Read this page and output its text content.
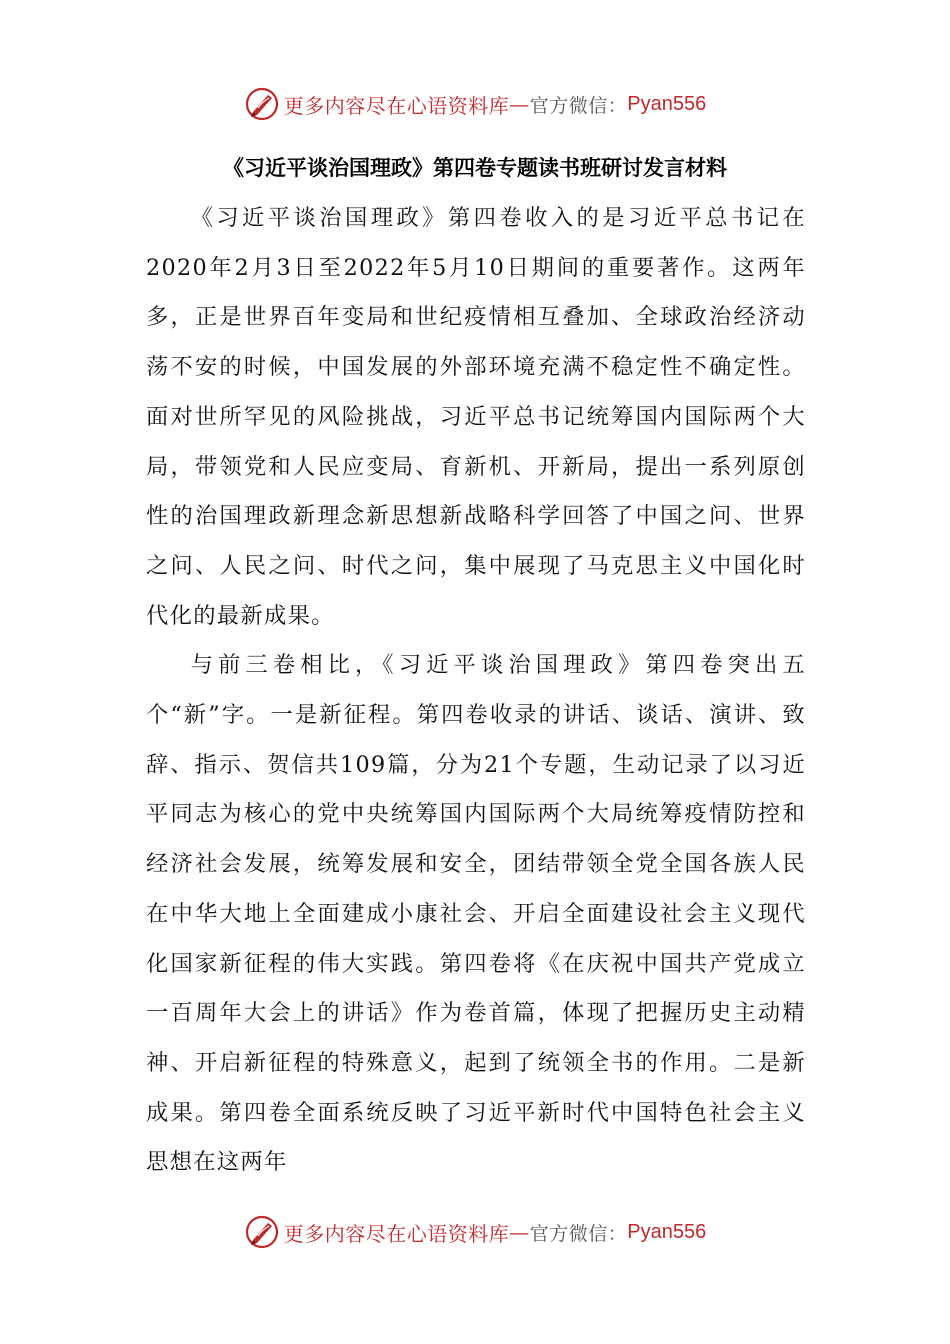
更多内容尽在心语资料库 — 官方微信： Pyan556
《习近平谈治国理政》第四卷专题读书班研讨发言材料

《习近平谈治国理政》第四卷收入的是习近平总书记在2020年2月3日至2022年5月10日期间的重要著作。这两年多，正是世界百年变局和世纪疫情相互叠加、全球政治经济动荡不安的时候，中国发展的外部环境充满不稳定性不确定性。面对世所罕见的风险挑战，习近平总书记统筹国内国际两个大局，带领党和人民应变局、育新机、开新局，提出一系列原创性的治国理政新理念新思想新战略科学回答了中国之问、世界之问、人民之问、时代之问，集中展现了马克思主义中国化时代化的最新成果。

与前三卷相比，《习近平谈治国理政》第四卷突出五个“新”字。一是新征程。第四卷收录的讲话、谈话、演讲、致辞、指示、贺信共109篇，分为21个专题，生动记录了以习近平同志为核心的党中央统筹国内国际两个大局统筹疫情防控和经济社会发展，统筹发展和安全，团结带领全党全国各族人民在中华大地上全面建成小康社会、开启全面建设社会主义现代化国家新征程的伟大实践。第四卷将《在庆祝中国共产党成立一百周年大会上的讲话》作为卷首篇，体现了把握历史主动精神、开启新征程的特殊意义，起到了统领全书的作用。二是新成果。第四卷全面系统反映了习近平新时代中国特色社会主义思想在这两年

更多内容尽在心语资料库 — 官方微信： Pyan556
